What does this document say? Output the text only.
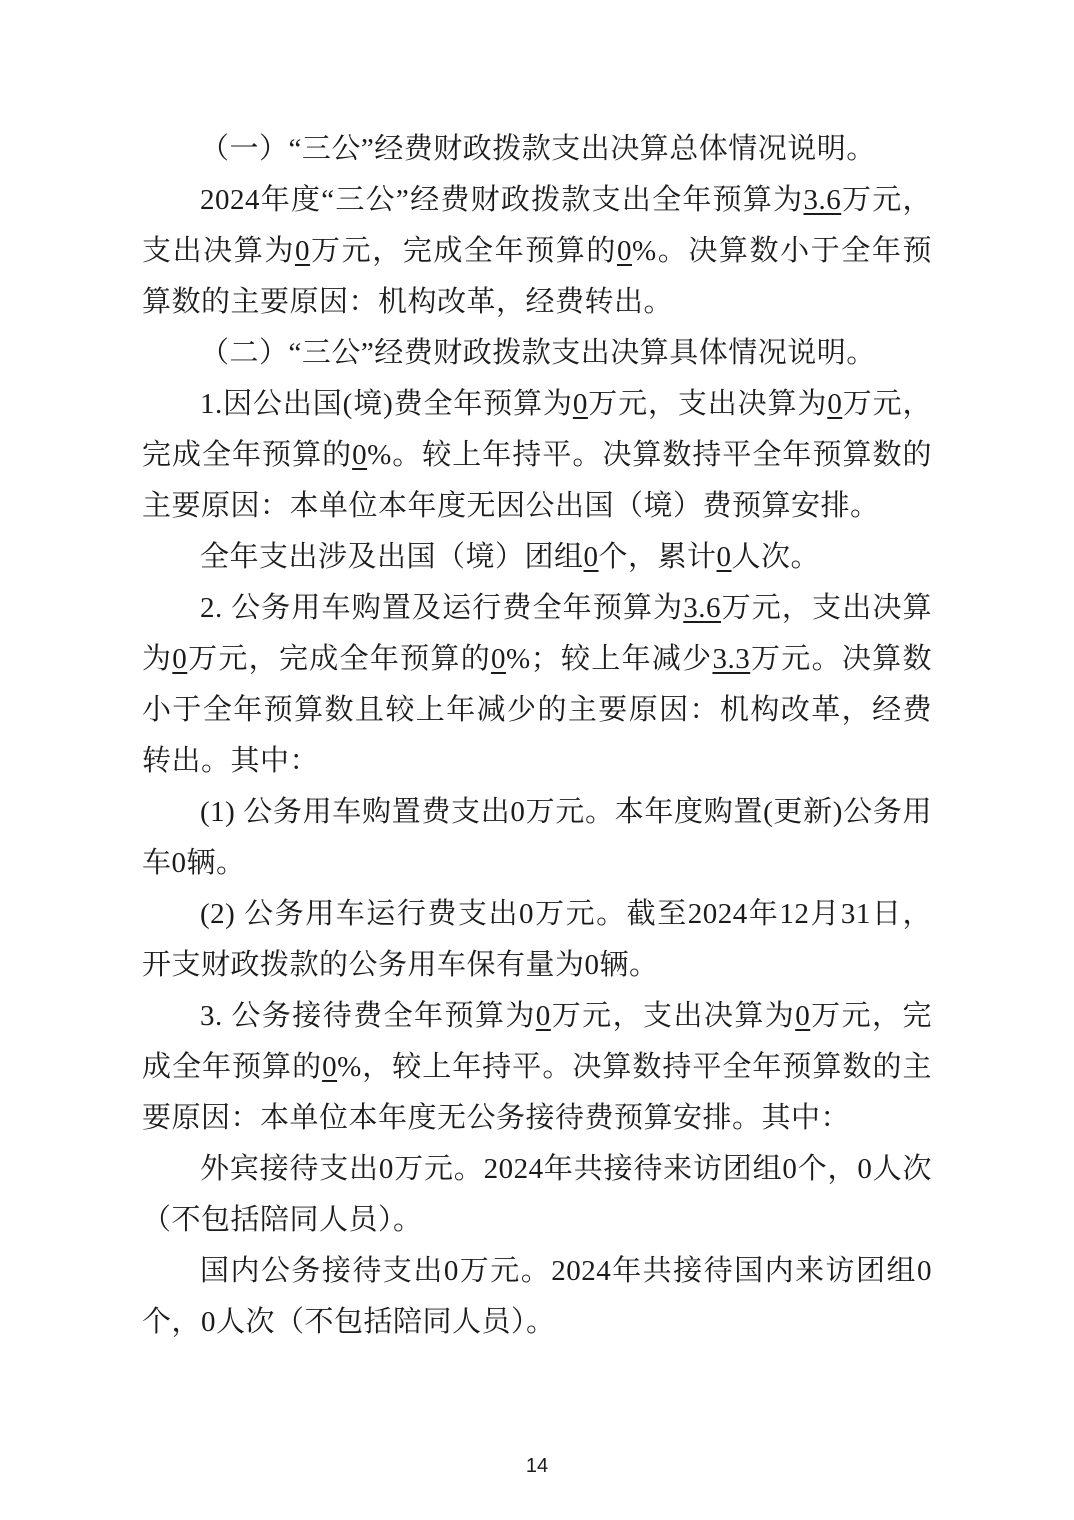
（一）“三公”经费财政拨款支出决算总体情况说明。

2024年度“三公”经费财政拨款支出全年预算为3.6万元，支出决算为0万元，完成全年预算的0%。决算数小于全年预算数的主要原因：机构改革，经费转出。

（二）“三公”经费财政拨款支出决算具体情况说明。

1.因公出国(境)费全年预算为0万元，支出决算为0万元，完成全年预算的0%。较上年持平。决算数持平全年预算数的主要原因：本单位本年度无因公出国（境）费预算安排。

全年支出涉及出国（境）团组0个，累计0人次。

2. 公务用车购置及运行费全年预算为3.6万元，支出决算为0万元，完成全年预算的0%；较上年减少3.3万元。决算数小于全年预算数且较上年减少的主要原因：机构改革，经费转出。其中：

(1) 公务用车购置费支出0万元。本年度购置(更新)公务用车0辆。

(2) 公务用车运行费支出0万元。截至2024年12月31日，开支财政拨款的公务用车保有量为0辆。

3. 公务接待费全年预算为0万元，支出决算为0万元，完成全年预算的0%，较上年持平。决算数持平全年预算数的主要原因：本单位本年度无公务接待费预算安排。其中：

外宾接待支出0万元。2024年共接待来访团组0个，0人次（不包括陪同人员）。

国内公务接待支出0万元。2024年共接待国内来访团组0个，0人次（不包括陪同人员）。

14
